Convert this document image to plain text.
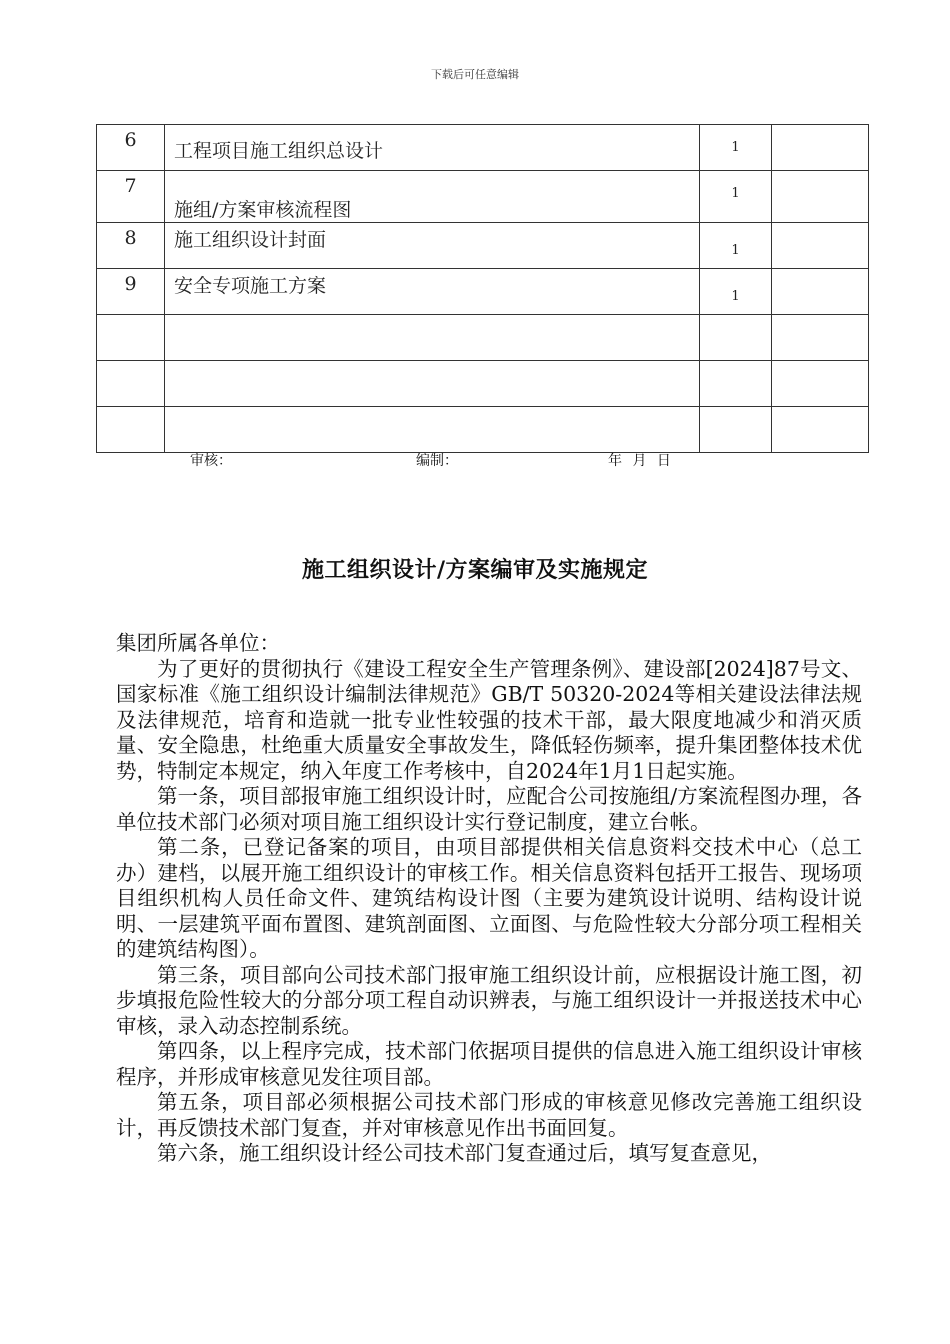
下载后可任意编辑
6	工程项目施工组织总设计	1	

7	施组/方案审核流程图	1	

8	施工组织设计封面	1	

9	安全专项施工方案	1	

审核：	编制：	年 月 日
施工组织设计/方案编审及实施规定

集团所属各单位：

为了更好的贯彻执行《建设工程安全生产管理条例》、建设部[2024]87号文、国家标准《施工组织设计编制法律规范》GB/T 50320-2024等相关建设法律法规及法律规范，培育和造就一批专业性较强的技术干部，最大限度地减少和消灭质量、安全隐患，杜绝重大质量安全事故发生，降低轻伤频率，提升集团整体技术优势，特制定本规定，纳入年度工作考核中，自2024年1月1日起实施。

第一条，项目部报审施工组织设计时，应配合公司按施组/方案流程图办理，各单位技术部门必须对项目施工组织设计实行登记制度，建立台帐。

第二条，已登记备案的项目，由项目部提供相关信息资料交技术中心（总工办）建档，以展开施工组织设计的审核工作。相关信息资料包括开工报告、现场项目组织机构人员任命文件、建筑结构设计图（主要为建筑设计说明、结构设计说明、一层建筑平面布置图、建筑剖面图、立面图、与危险性较大分部分项工程相关的建筑结构图）。

第三条，项目部向公司技术部门报审施工组织设计前，应根据设计施工图，初步填报危险性较大的分部分项工程自动识辨表，与施工组织设计一并报送技术中心审核，录入动态控制系统。

第四条，以上程序完成，技术部门依据项目提供的信息进入施工组织设计审核程序，并形成审核意见发往项目部。

第五条，项目部必须根据公司技术部门形成的审核意见修改完善施工组织设计，再反馈技术部门复查，并对审核意见作出书面回复。

第六条，施工组织设计经公司技术部门复查通过后，填写复查意见，
